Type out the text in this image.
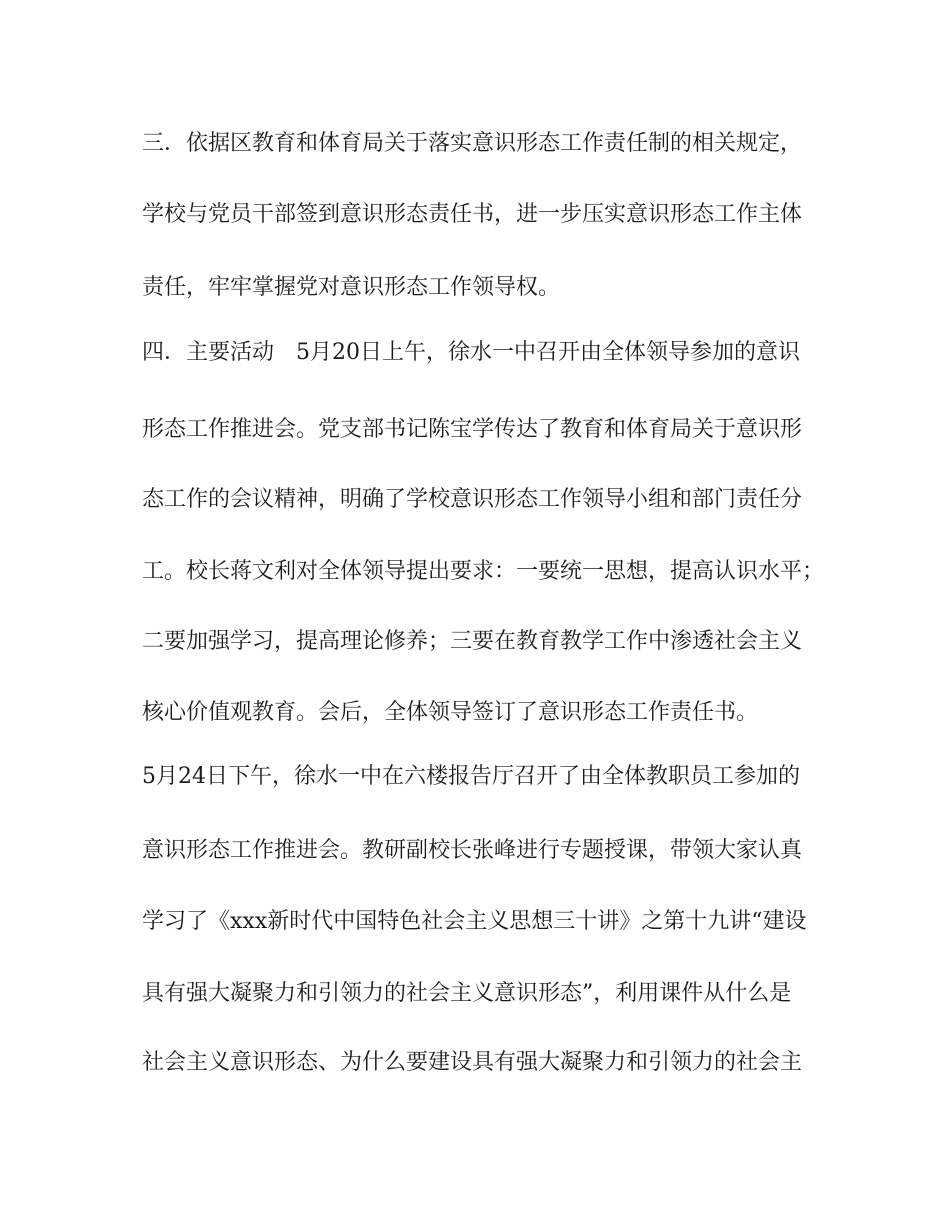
三．依据区教育和体育局关于落实意识形态工作责任制的相关规定，
学校与党员干部签到意识形态责任书，进一步压实意识形态工作主体
责任，牢牢掌握党对意识形态工作领导权。
四．主要活动　5月20日上午，徐水一中召开由全体领导参加的意识
形态工作推进会。党支部书记陈宝学传达了教育和体育局关于意识形
态工作的会议精神，明确了学校意识形态工作领导小组和部门责任分
工。校长蒋文利对全体领导提出要求：一要统一思想，提高认识水平；
二要加强学习，提高理论修养；三要在教育教学工作中渗透社会主义
核心价值观教育。会后，全体领导签订了意识形态工作责任书。
5月24日下午，徐水一中在六楼报告厅召开了由全体教职员工参加的
意识形态工作推进会。教研副校长张峰进行专题授课，带领大家认真
学习了《xxx新时代中国特色社会主义思想三十讲》之第十九讲“建设
具有强大凝聚力和引领力的社会主义意识形态”，利用课件从什么是
社会主义意识形态、为什么要建设具有强大凝聚力和引领力的社会主
